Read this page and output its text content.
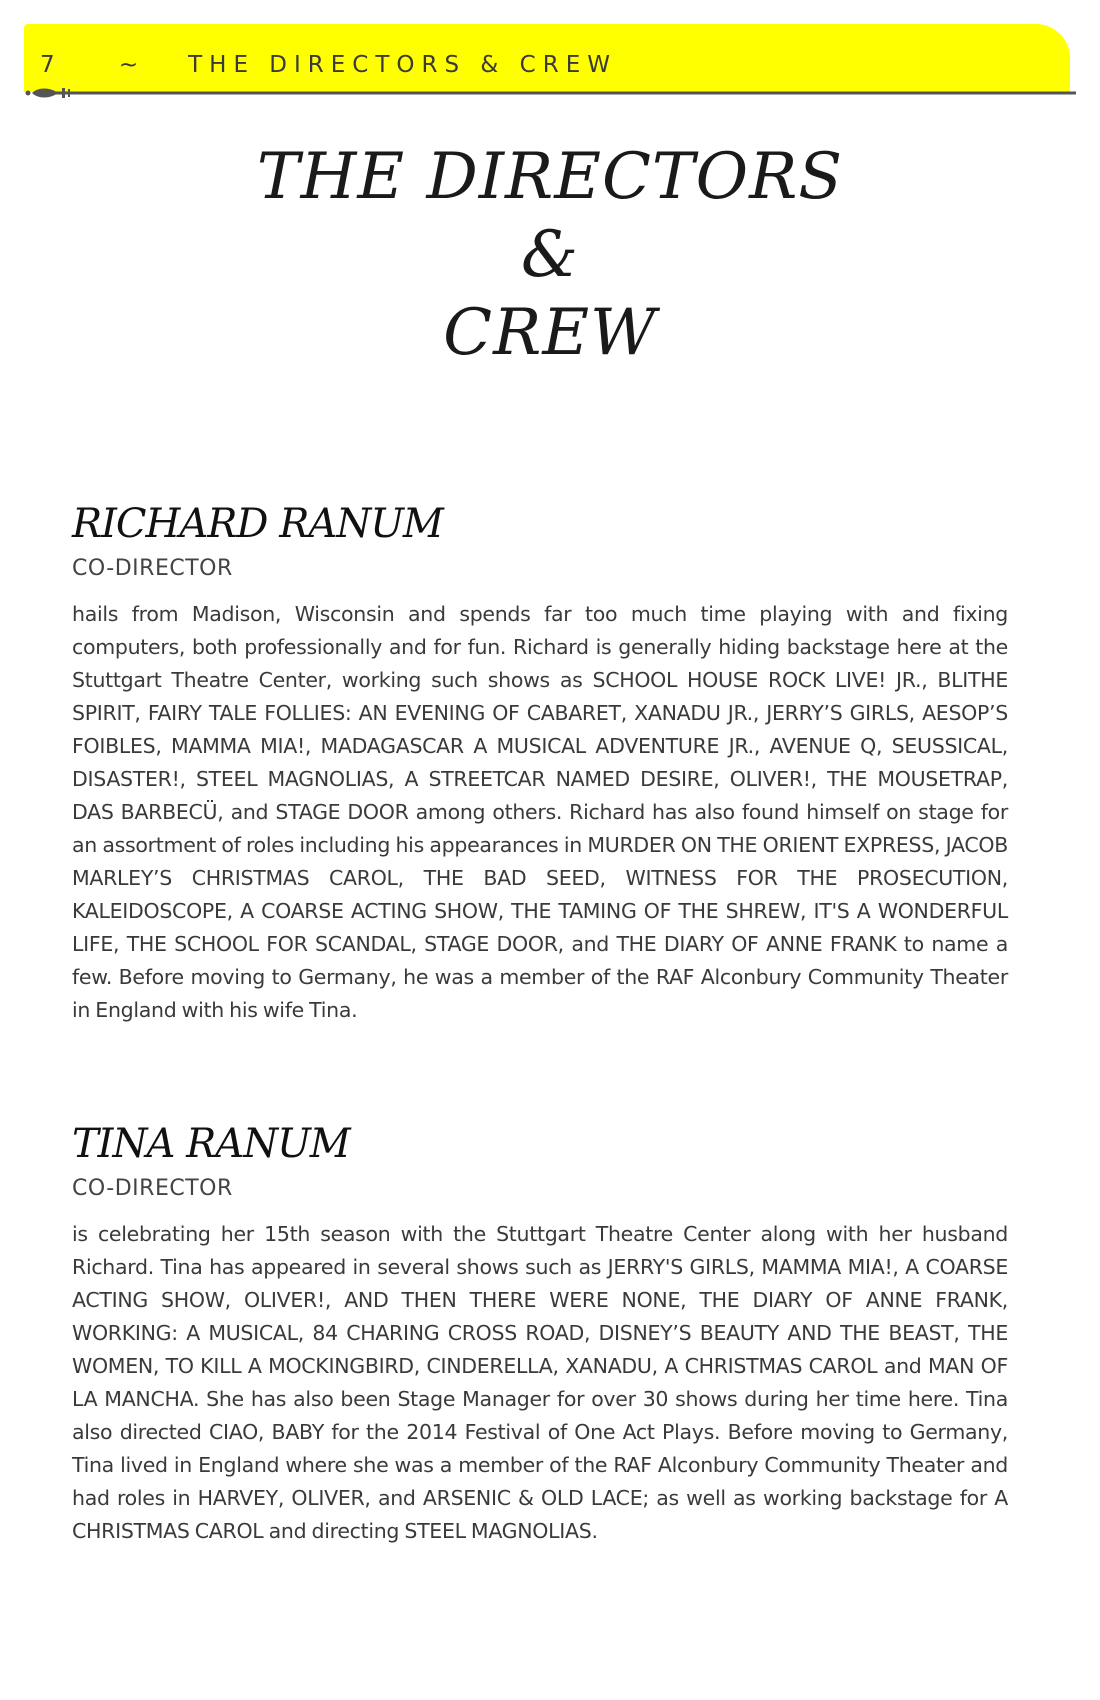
7 ~ THE DIRECTORS & CREW
THE DIRECTORS
&
CREW
RICHARD RANUM
CO-DIRECTOR
hails from Madison, Wisconsin and spends far too much time playing with and fixing computers, both professionally and for fun. Richard is generally hiding backstage here at the Stuttgart Theatre Center, working such shows as SCHOOL HOUSE ROCK LIVE! JR., BLITHE SPIRIT, FAIRY TALE FOLLIES: AN EVENING OF CABARET, XANADU JR., JERRY’S GIRLS, AESOP’S FOIBLES, MAMMA MIA!, MADAGASCAR A MUSICAL ADVENTURE JR., AVENUE Q, SEUSSICAL, DISASTER!, STEEL MAGNOLIAS, A STREETCAR NAMED DESIRE, OLIVER!, THE MOUSETRAP, DAS BARBECÜ, and STAGE DOOR among others. Richard has also found himself on stage for an assortment of roles including his appearances in MURDER ON THE ORIENT EXPRESS, JACOB MARLEY’S CHRISTMAS CAROL, THE BAD SEED, WITNESS FOR THE PROSECUTION, KALEIDOSCOPE, A COARSE ACTING SHOW, THE TAMING OF THE SHREW, IT'S A WONDERFUL LIFE, THE SCHOOL FOR SCANDAL, STAGE DOOR, and THE DIARY OF ANNE FRANK to name a few. Before moving to Germany, he was a member of the RAF Alconbury Community Theater in England with his wife Tina.
TINA RANUM
CO-DIRECTOR
is celebrating her 15th season with the Stuttgart Theatre Center along with her husband Richard. Tina has appeared in several shows such as JERRY'S GIRLS, MAMMA MIA!, A COARSE ACTING SHOW, OLIVER!, AND THEN THERE WERE NONE, THE DIARY OF ANNE FRANK, WORKING: A MUSICAL, 84 CHARING CROSS ROAD, DISNEY’S BEAUTY AND THE BEAST, THE WOMEN, TO KILL A MOCKINGBIRD, CINDERELLA, XANADU, A CHRISTMAS CAROL and MAN OF LA MANCHA. She has also been Stage Manager for over 30 shows during her time here. Tina also directed CIAO, BABY for the 2014 Festival of One Act Plays. Before moving to Germany, Tina lived in England where she was a member of the RAF Alconbury Community Theater and had roles in HARVEY, OLIVER, and ARSENIC & OLD LACE; as well as working backstage for A CHRISTMAS CAROL and directing STEEL MAGNOLIAS.
